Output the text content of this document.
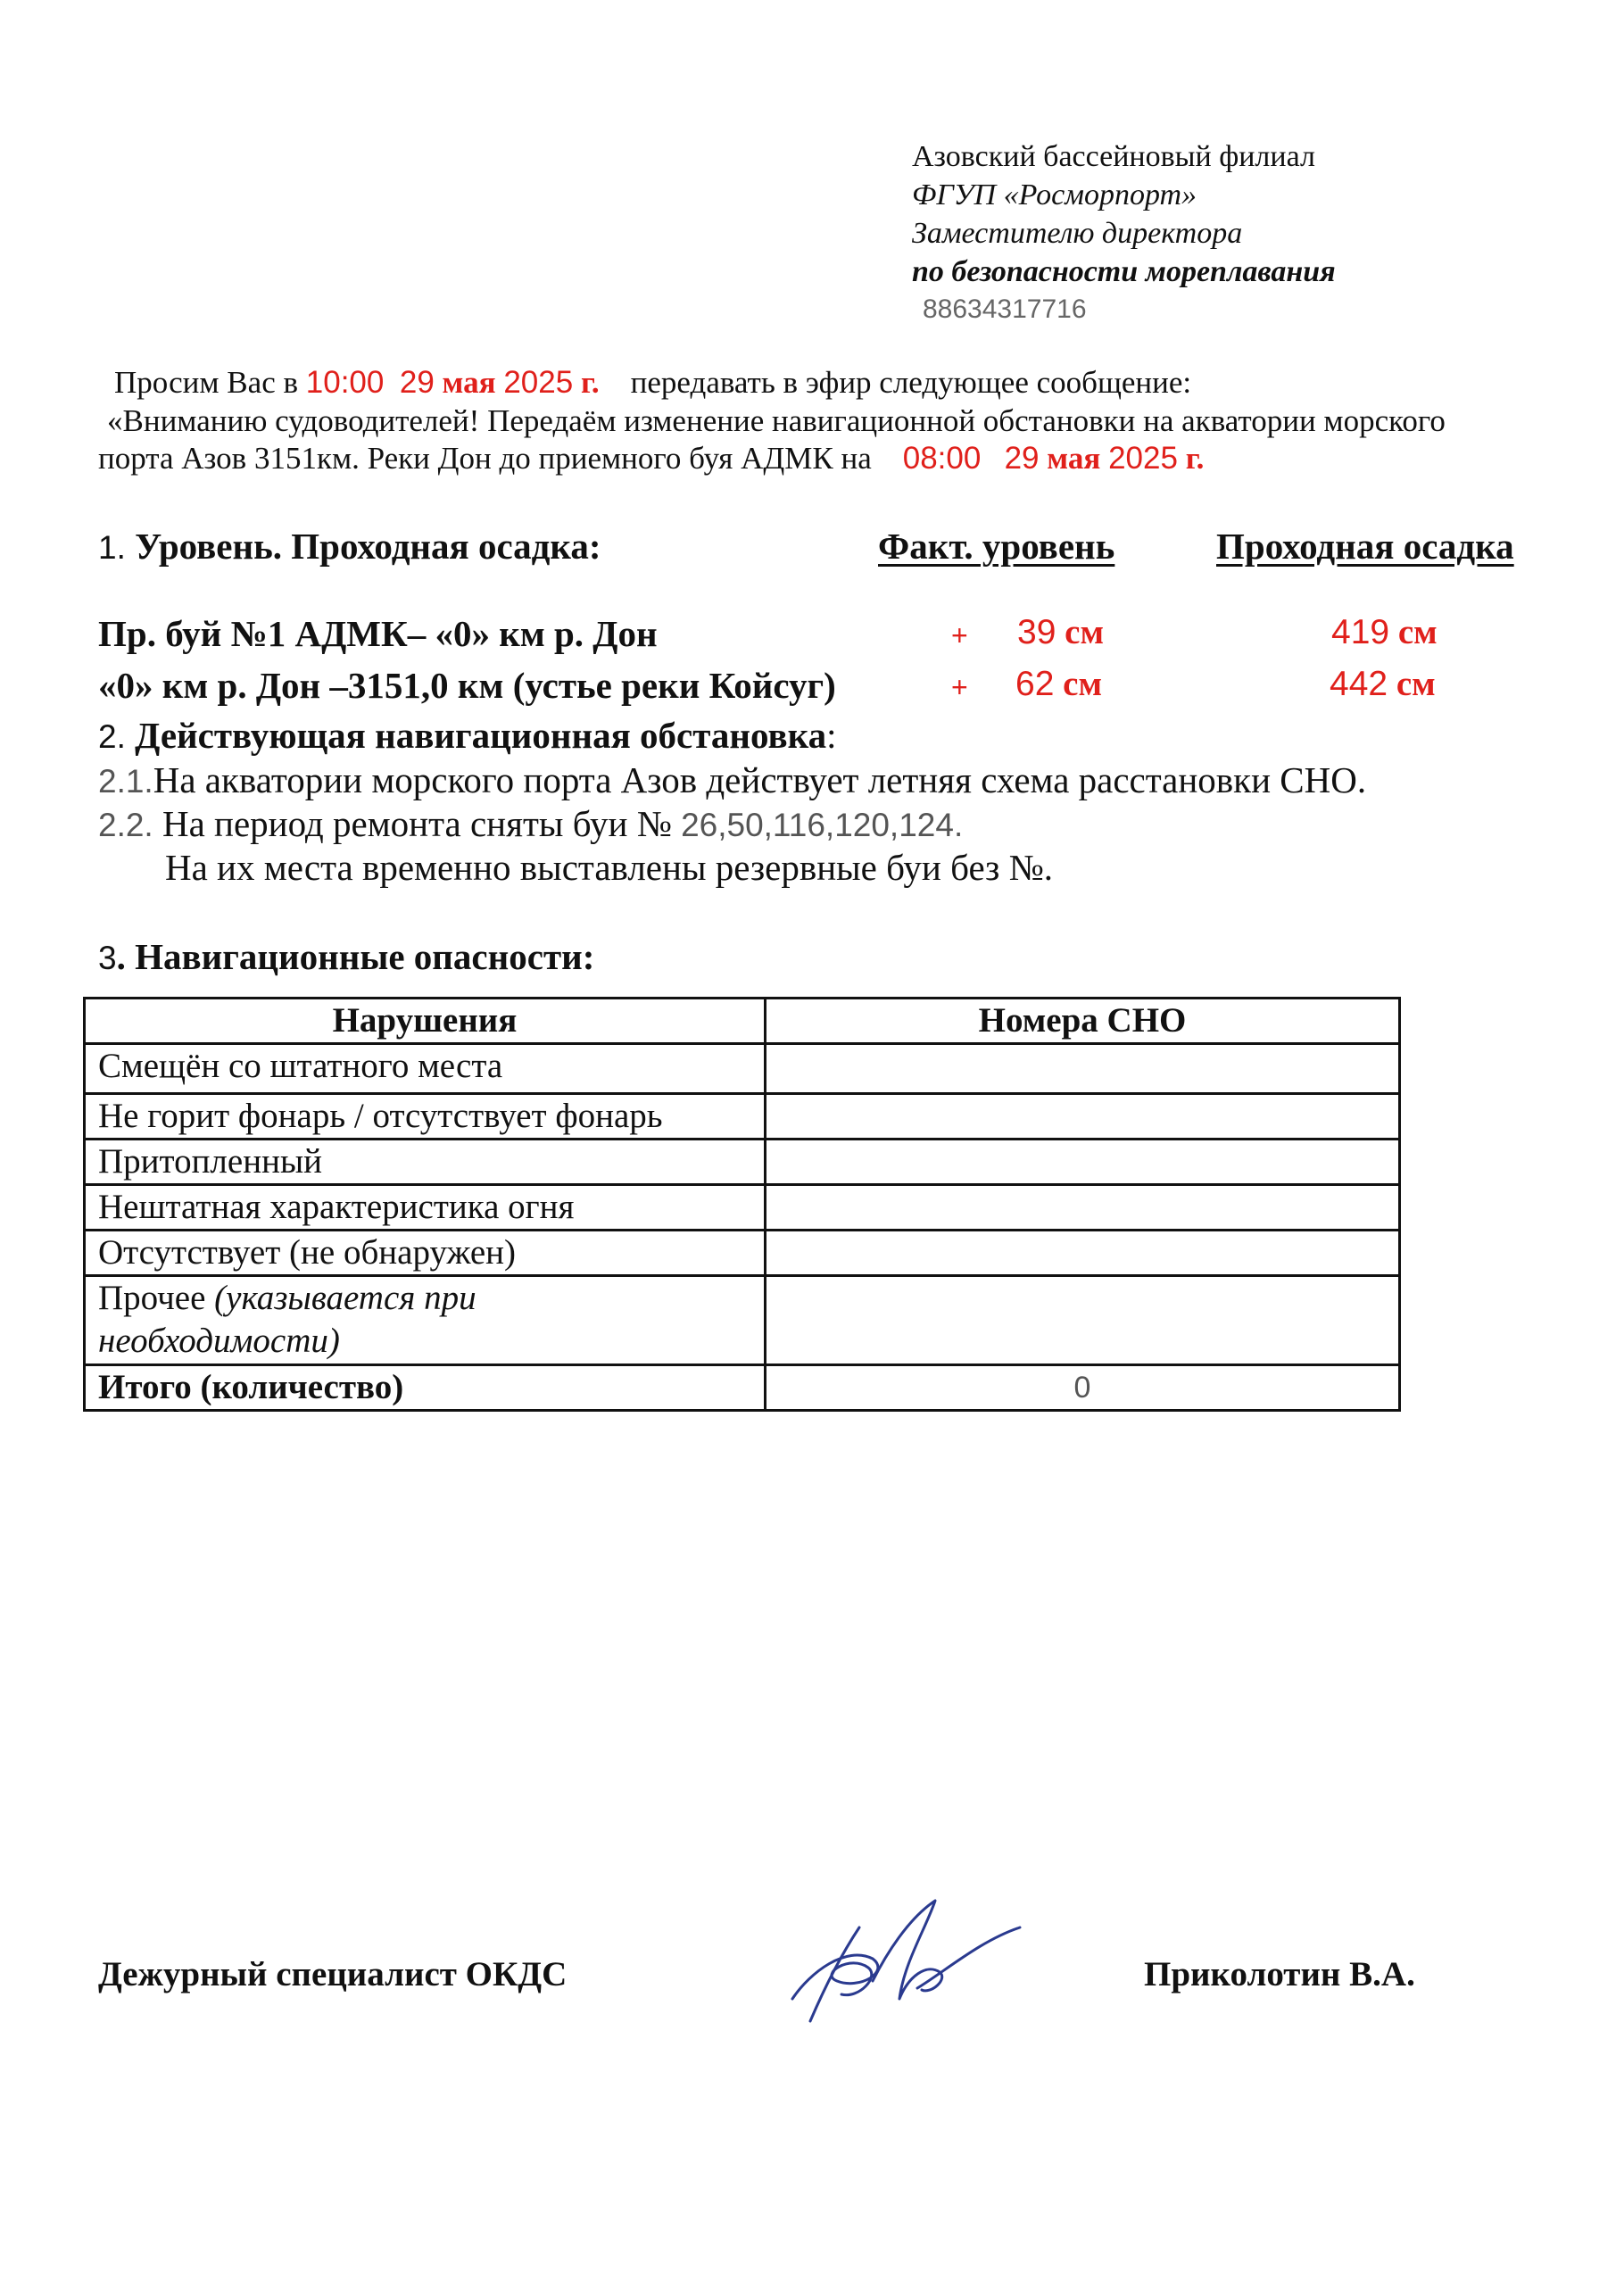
Азовский бассейновый филиал
ФГУП «Росморпорт»
Заместителю директора
по безопасности мореплавания
88634317716
Просим Вас в 10:00 29 мая 2025 г. передавать в эфир следующее сообщение:
«Вниманию судоводителей! Передаём изменение навигационной обстановки на акватории морского
порта Азов 3151км. Реки Дон до приемного буя АДМК на 08:00 29 мая 2025 г.
1. Уровень. Проходная осадка:	Факт. уровень	Проходная осадка
Пр. буй №1 АДМК– «0» км р. Дон	+ 39 см	419 см
«0» км р. Дон –3151,0 км (устье реки Койсуг)	+ 62 см	442 см
2. Действующая навигационная обстановка:
2.1.На акватории морского порта Азов действует летняя схема расстановки СНО.
2.2. На период ремонта сняты буи № 26,50,116,120,124.
На их места временно выставлены резервные буи без №.
3. Навигационные опасности:
Нарушения	Номера СНО
Смещён со штатного места	
Не горит фонарь / отсутствует фонарь	
Притопленный	
Нештатная характеристика огня	
Отсутствует (не обнаружен)	
Прочее (указывается при
необходимости)	
Итого (количество)	0
Дежурный специалист ОКДС	Приколотин В.А.
